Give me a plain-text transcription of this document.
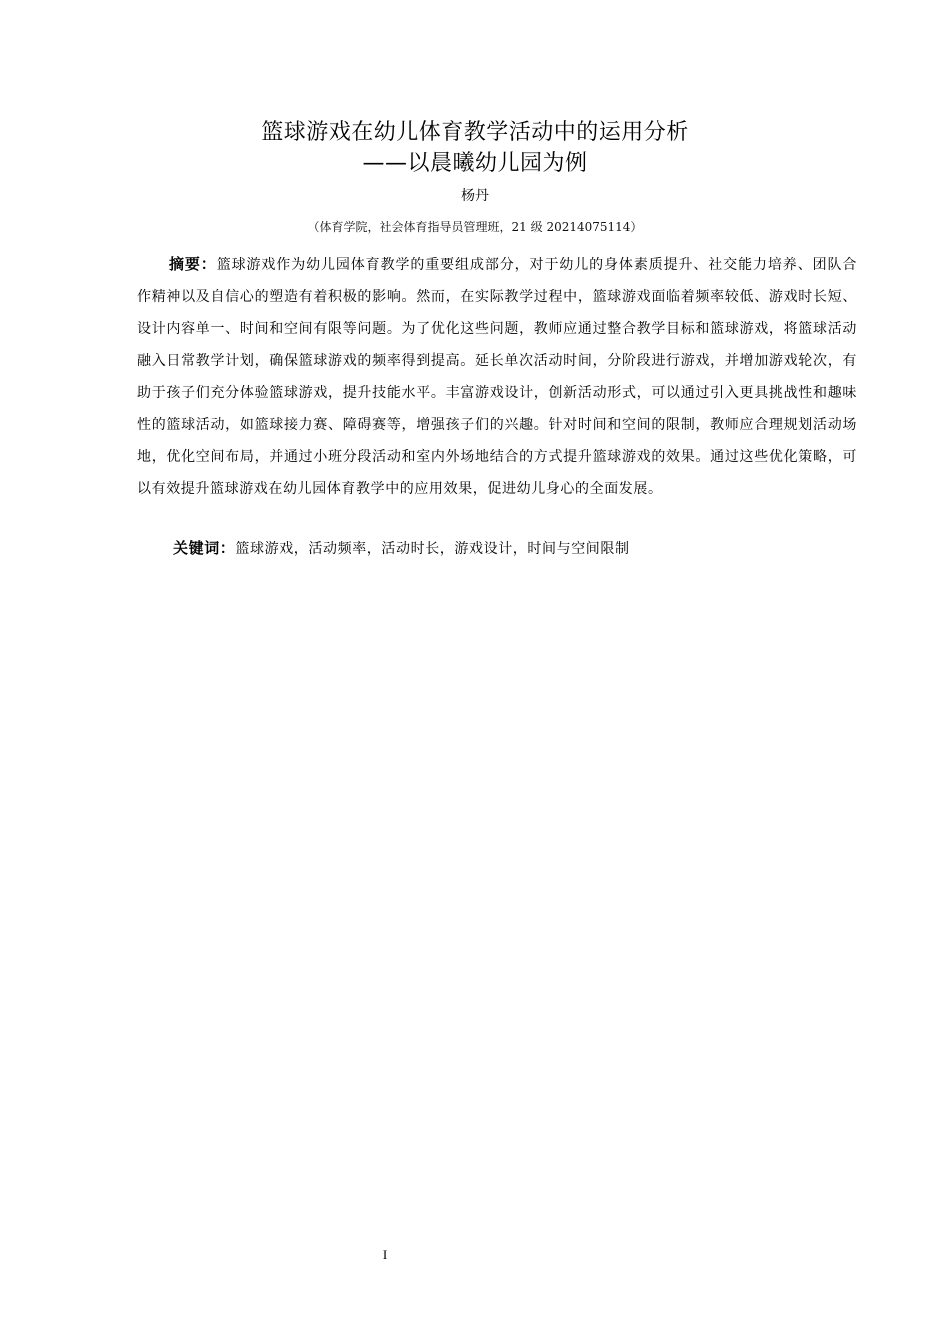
篮球游戏在幼儿体育教学活动中的运用分析
——以晨曦幼儿园为例
杨丹
（体育学院，社会体育指导员管理班，21 级 20214075114）

摘要：篮球游戏作为幼儿园体育教学的重要组成部分，对于幼儿的身体素质提升、社交能力培养、团队合作精神以及自信心的塑造有着积极的影响。然而，在实际教学过程中，篮球游戏面临着频率较低、游戏时长短、设计内容单一、时间和空间有限等问题。为了优化这些问题，教师应通过整合教学目标和篮球游戏，将篮球活动融入日常教学计划，确保篮球游戏的频率得到提高。延长单次活动时间，分阶段进行游戏，并增加游戏轮次，有助于孩子们充分体验篮球游戏，提升技能水平。丰富游戏设计，创新活动形式，可以通过引入更具挑战性和趣味性的篮球活动，如篮球接力赛、障碍赛等，增强孩子们的兴趣。针对时间和空间的限制，教师应合理规划活动场地，优化空间布局，并通过小班分段活动和室内外场地结合的方式提升篮球游戏的效果。通过这些优化策略，可以有效提升篮球游戏在幼儿园体育教学中的应用效果，促进幼儿身心的全面发展。

关键词：篮球游戏，活动频率，活动时长，游戏设计，时间与空间限制

I
